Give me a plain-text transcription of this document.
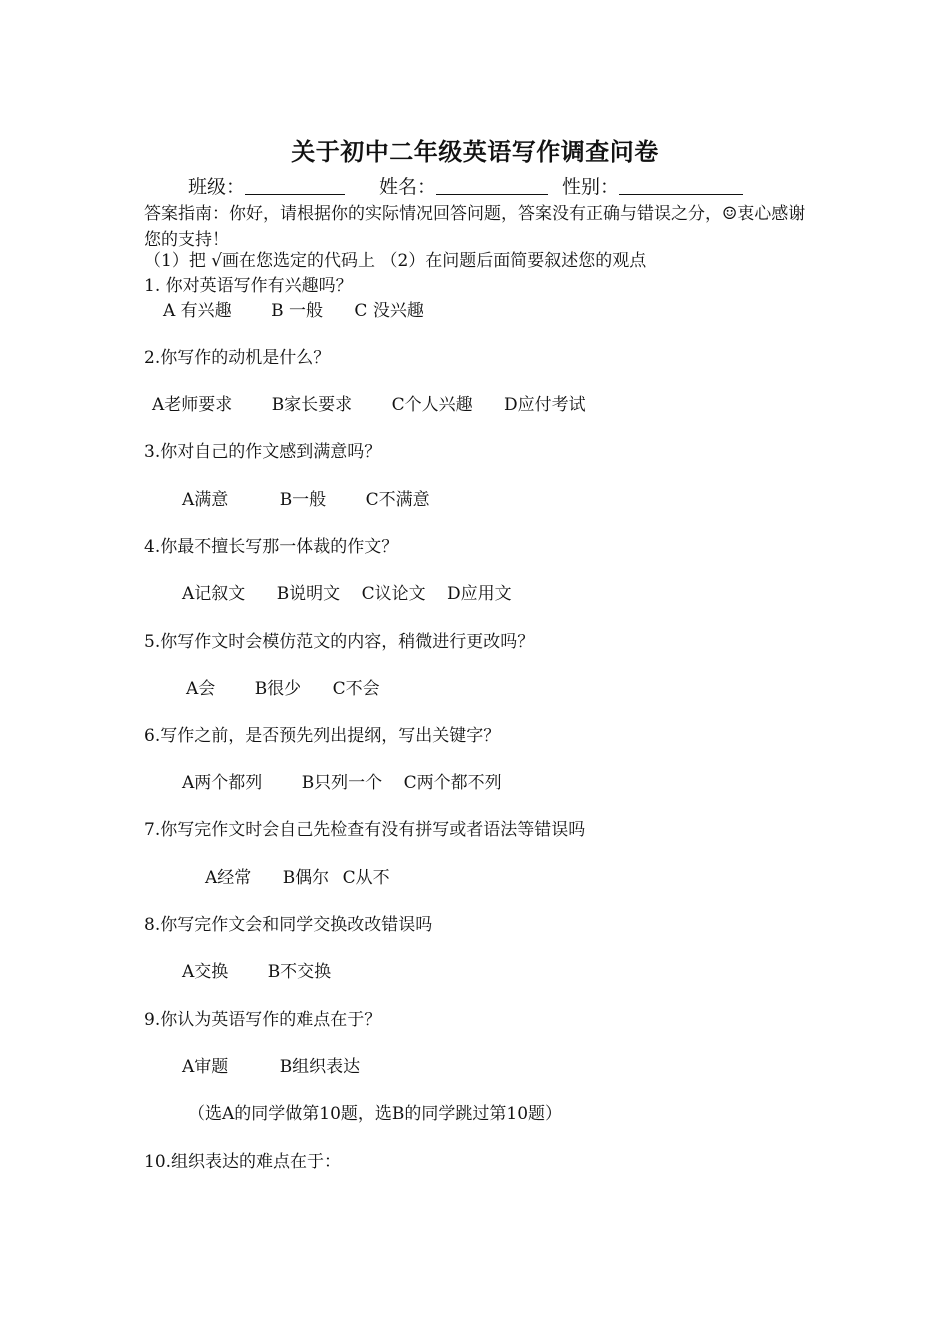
关于初中二年级英语写作调查问卷
班级：	姓名：	性别：
答案指南：你好，请根据你的实际情况回答问题，答案没有正确与错误之分，☺衷心感谢您的支持！
（1）把 √画在您选定的代码上 （2）在问题后面简要叙述您的观点
1. 你对英语写作有兴趣吗？
A 有兴趣 B 一般 C 没兴趣
2.你写作的动机是什么？
A老师要求 B家长要求 C个人兴趣 D应付考试
3.你对自己的作文感到满意吗？
A满意	B一般 C不满意
4.你最不擅长写那一体裁的作文？
A记叙文 B说明文 C议论文 D应用文
5.你写作文时会模仿范文的内容，稍微进行更改吗？
A会 B很少 C不会
6.写作之前，是否预先列出提纲，写出关键字？
A两个都列 B只列一个 C两个都不列
7.你写完作文时会自己先检查有没有拼写或者语法等错误吗
A经常 B偶尔 C从不
8.你写完作文会和同学交换改改错误吗
A交换 B不交换
9.你认为英语写作的难点在于？
A审题	B组织表达
（选A的同学做第10题，选B的同学跳过第10题）
10.组织表达的难点在于：
